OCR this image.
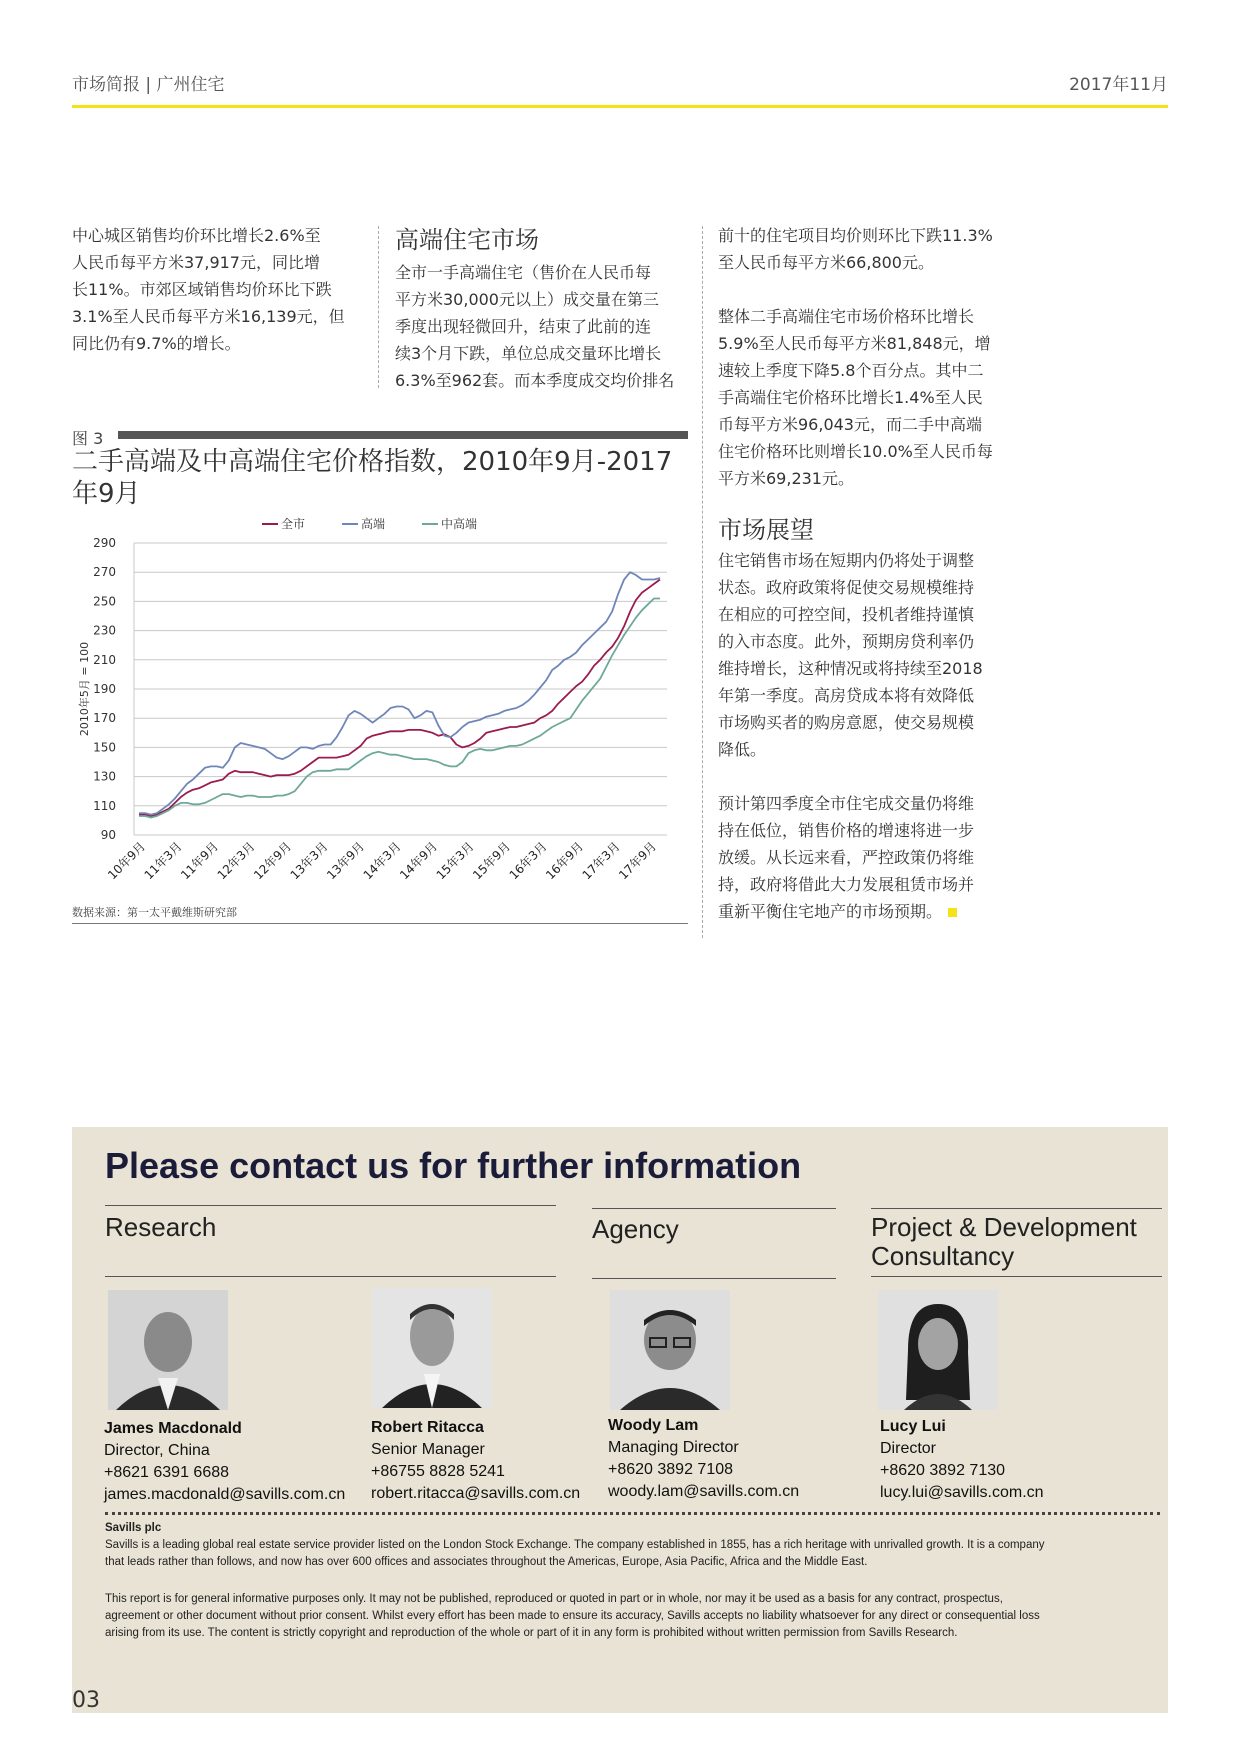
市场简报 | 广州住宅	2017年11月

中心城区销售均价环比增长2.6%至

人民币每平方米37,917元，同比增

长11%。市郊区域销售均价环比下跌

3.1%至人民币每平方米16,139元，但

同比仍有9.7%的增长。

高端住宅市场

全市一手高端住宅（售价在人民币每

平方米30,000元以上）成交量在第三

季度出现轻微回升，结束了此前的连

续3个月下跌，单位总成交量环比增长

6.3%至962套。而本季度成交均价排名

前十的住宅项目均价则环比下跌11.3%

至人民币每平方米66,800元。

整体二手高端住宅市场价格环比增长

5.9%至人民币每平方米81,848元，增

速较上季度下降5.8个百分点。其中二

手高端住宅价格环比增长1.4%至人民

币每平方米96,043元，而二手中高端

住宅价格环比则增长10.0%至人民币每

平方米69,231元。

市场展望

住宅销售市场在短期内仍将处于调整

状态。政府政策将促使交易规模维持

在相应的可控空间，投机者维持谨慎

的入市态度。此外，预期房贷利率仍

维持增长，这种情况或将持续至2018

年第一季度。高房贷成本将有效降低

市场购买者的购房意愿，使交易规模

降低。

预计第四季度全市住宅成交量仍将维

持在低位，销售价格的增速将进一步

放缓。从长远来看，严控政策仍将维

持，政府将借此大力发展租赁市场并

重新平衡住宅地产的市场预期。

图 3

二手高端及中高端住宅价格指数，2010年9月-2017

年9月

90
110
130
150
170
190
210
230
250
270
290
2010年5月 = 100
10年9月
11年3月
11年9月
12年3月
12年9月
13年3月
13年9月
14年3月
14年9月
15年3月
15年9月
16年3月
16年9月
17年3月
17年9月
全市	高端	中高端
数据来源：第一太平戴维斯研究部
Please contact us for further information
Research	Agency	Project & Development
Consultancy
James Macdonald
Director, China
+8621 6391 6688
james.macdonald@savills.com.cn
Robert Ritacca
Senior Manager
+86755 8828 5241
robert.ritacca@savills.com.cn
Woody Lam
Managing Director
+8620 3892 7108
woody.lam@savills.com.cn
Lucy Lui
Director
+8620 3892 7130
lucy.lui@savills.com.cn
Savills plc
Savills is a leading global real estate service provider listed on the London Stock Exchange. The company established in 1855, has a rich heritage with unrivalled growth. It is a company
that leads rather than follows, and now has over 600 offices and associates throughout the Americas, Europe, Asia Pacific, Africa and the Middle East.
This report is for general informative purposes only. It may not be published, reproduced or quoted in part or in whole, nor may it be used as a basis for any contract, prospectus,
agreement or other document without prior consent. Whilst every effort has been made to ensure its accuracy, Savills accepts no liability whatsoever for any direct or consequential loss
arising from its use. The content is strictly copyright and reproduction of the whole or part of it in any form is prohibited without written permission from Savills Research.
03
